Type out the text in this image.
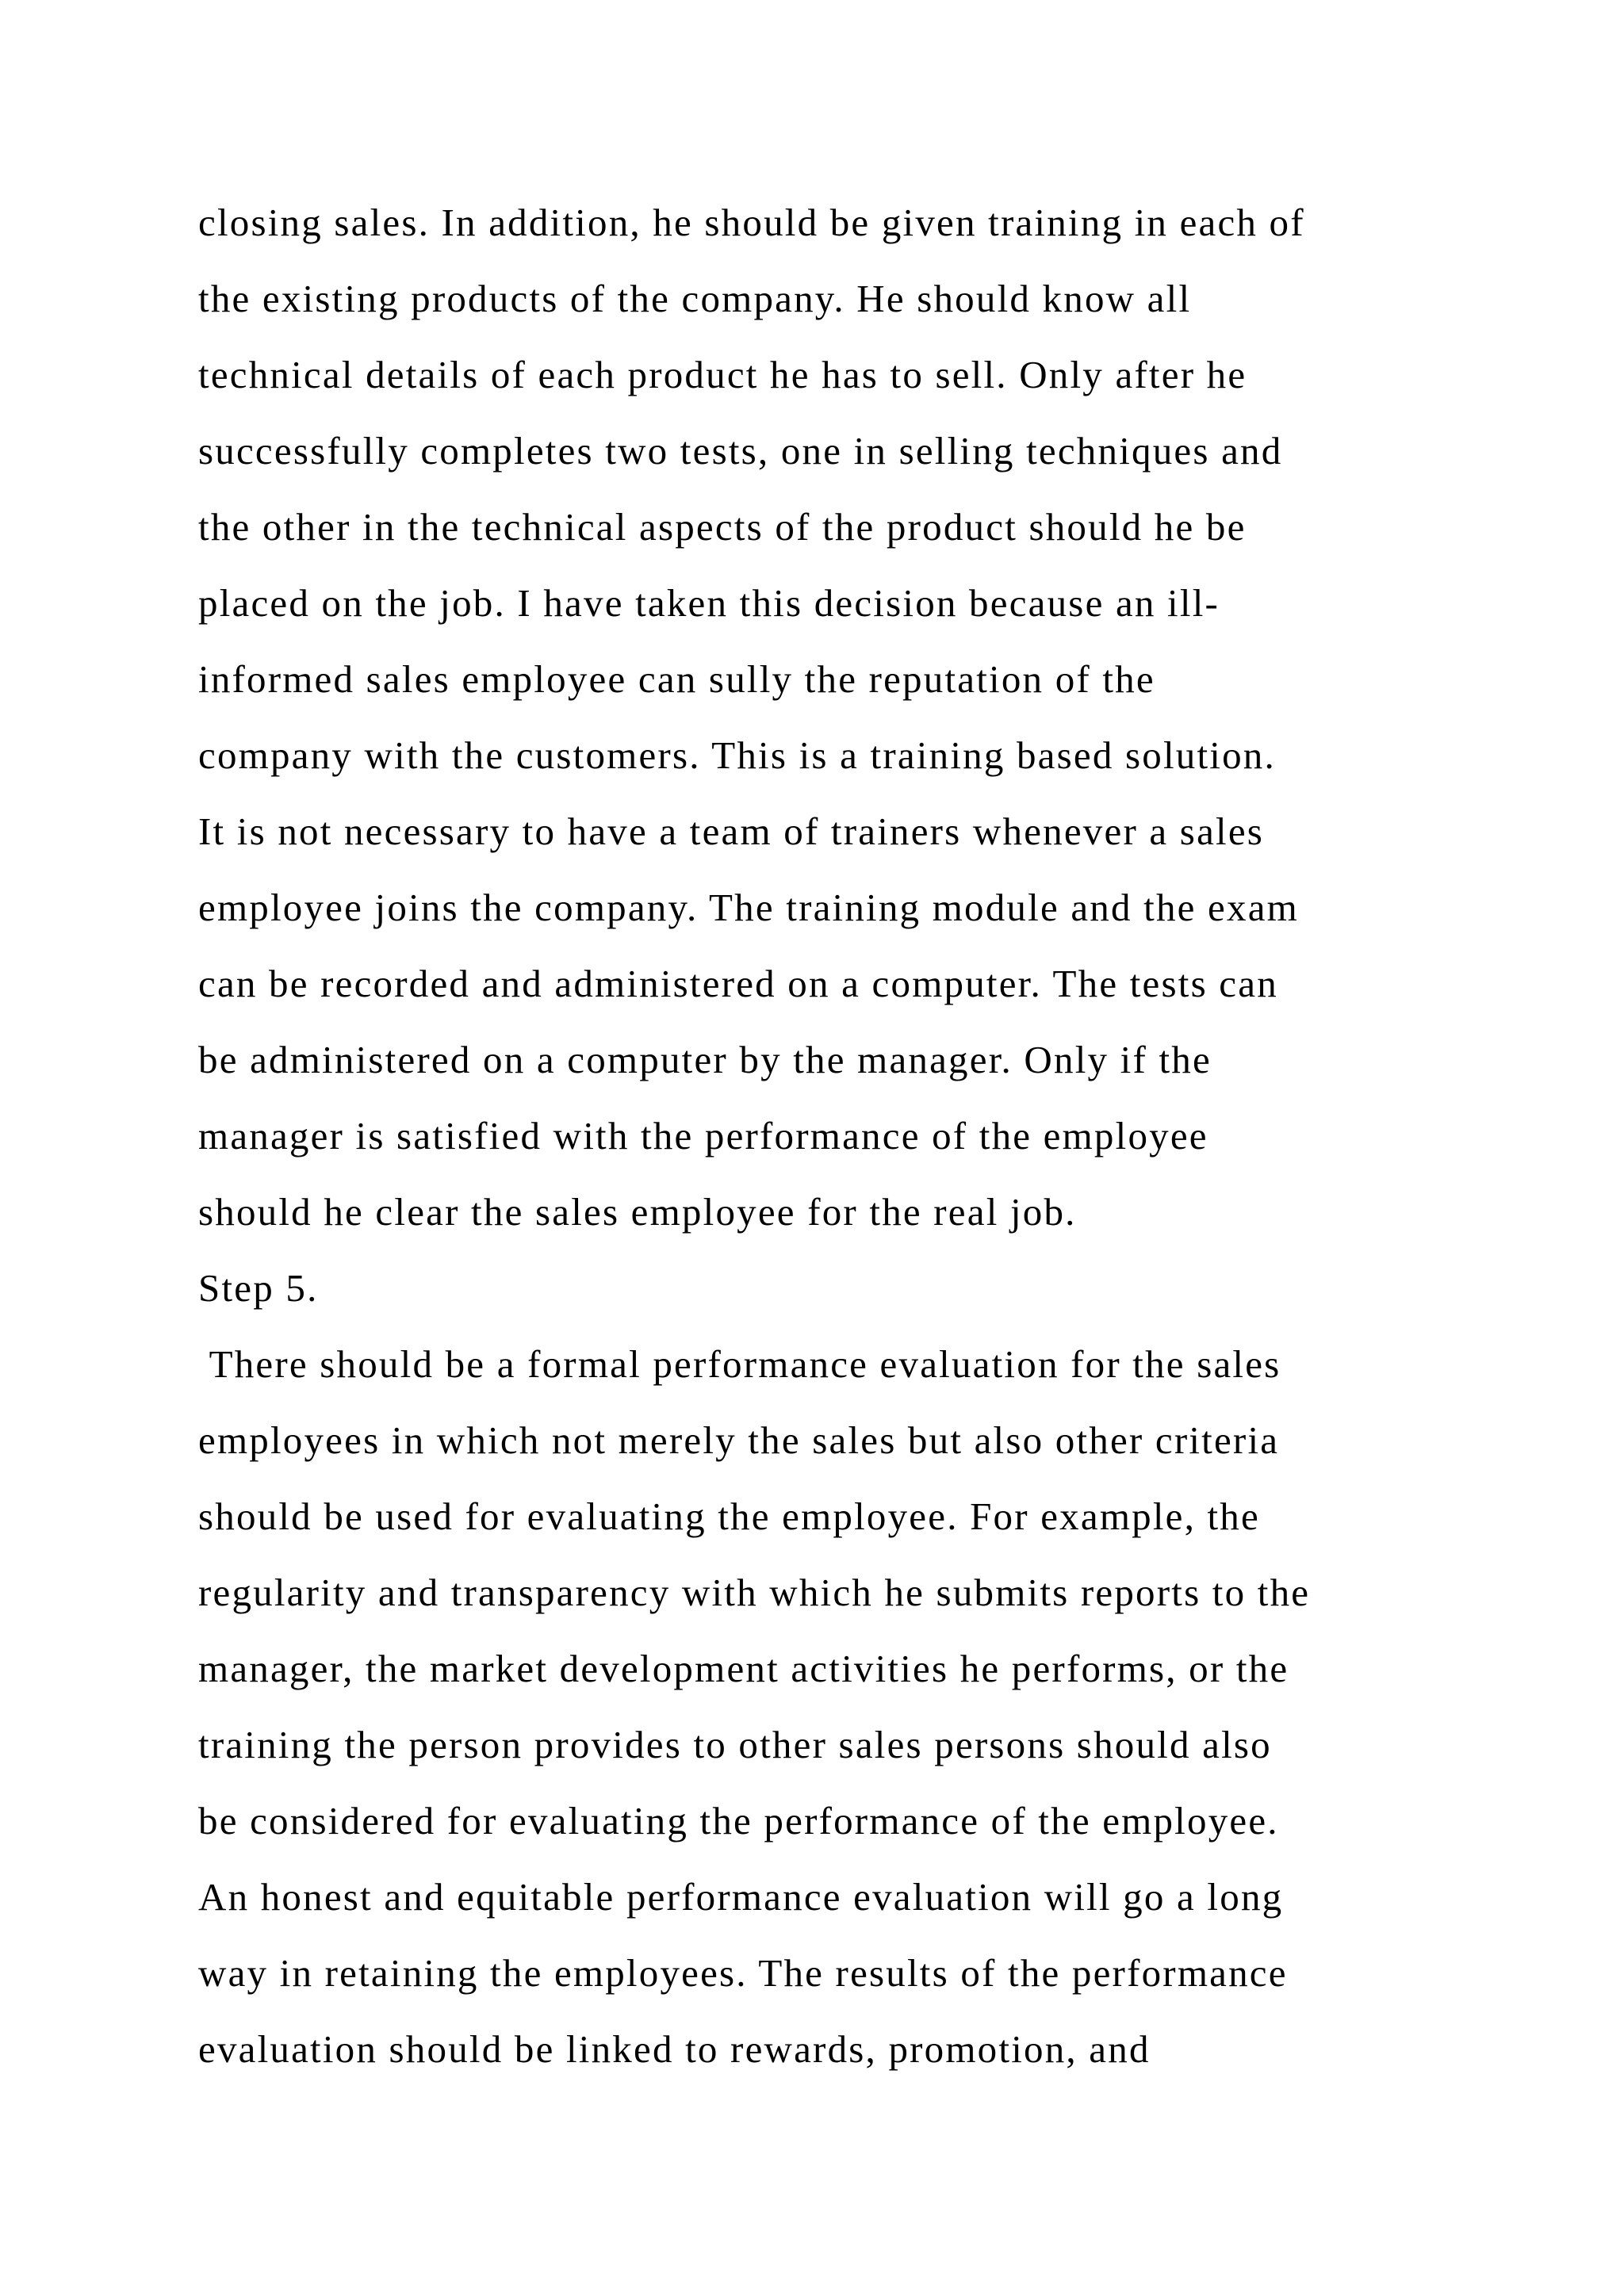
closing sales. In addition, he should be given training in each of
the existing products of the company. He should know all
technical details of each product he has to sell. Only after he
successfully completes two tests, one in selling techniques and
the other in the technical aspects of the product should he be
placed on the job. I have taken this decision because an ill-
informed sales employee can sully the reputation of the
company with the customers. This is a training based solution.
It is not necessary to have a team of trainers whenever a sales
employee joins the company. The training module and the exam
can be recorded and administered on a computer. The tests can
be administered on a computer by the manager. Only if the
manager is satisfied with the performance of the employee
should he clear the sales employee for the real job.
Step 5.
There should be a formal performance evaluation for the sales
employees in which not merely the sales but also other criteria
should be used for evaluating the employee. For example, the
regularity and transparency with which he submits reports to the
manager, the market development activities he performs, or the
training the person provides to other sales persons should also
be considered for evaluating the performance of the employee.
An honest and equitable performance evaluation will go a long
way in retaining the employees. The results of the performance
evaluation should be linked to rewards, promotion, and
